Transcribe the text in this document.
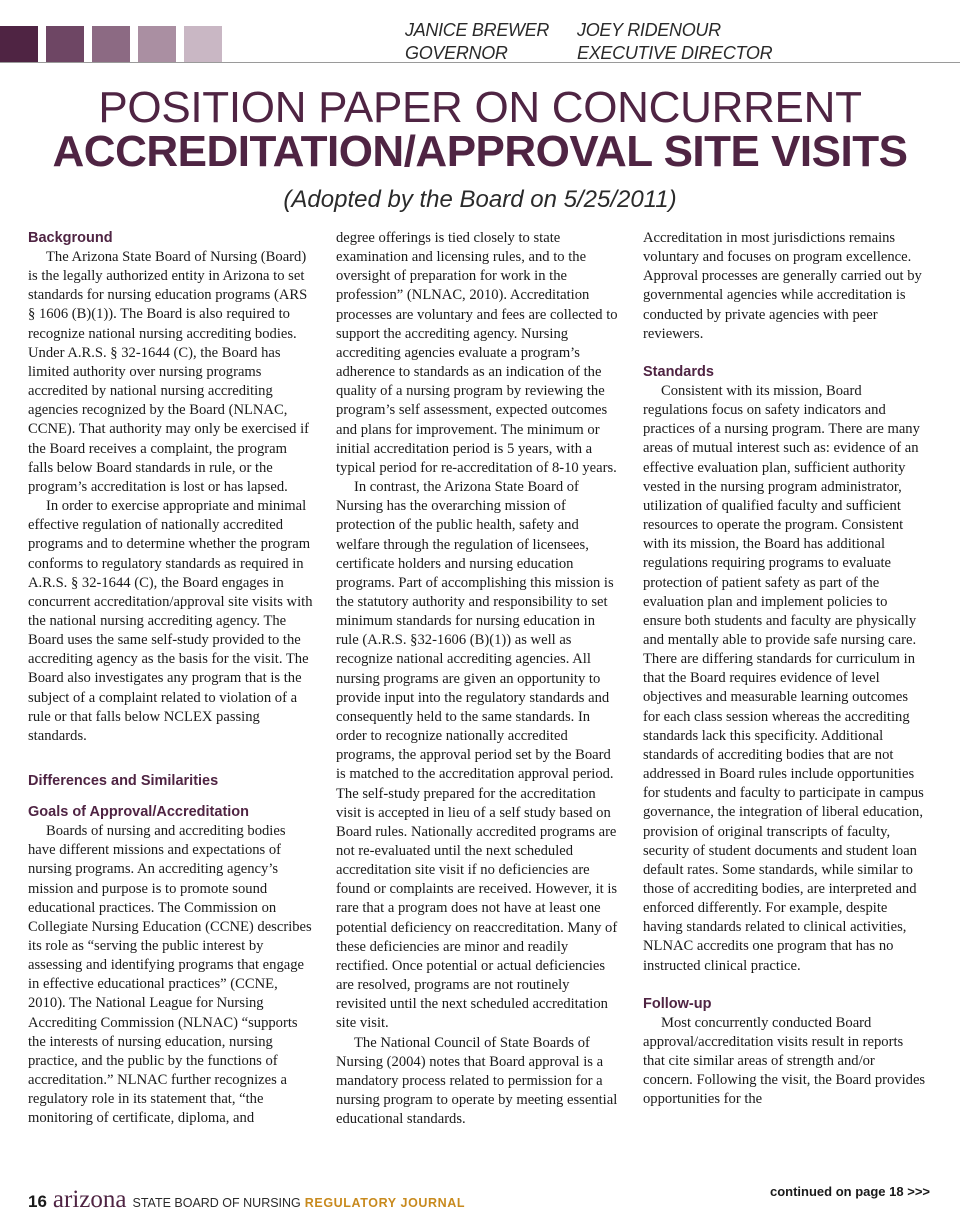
JANICE BREWER
GOVERNOR
JOEY RIDENOUR
EXECUTIVE DIRECTOR
POSITION PAPER ON CONCURRENT
ACCREDITATION/APPROVAL SITE VISITS
(Adopted by the Board on 5/25/2011)
Background

The Arizona State Board of Nursing (Board) is the legally authorized entity in Arizona to set standards for nursing education programs (ARS § 1606 (B)(1)). The Board is also required to recognize national nursing accrediting bodies. Under A.R.S. § 32-1644 (C), the Board has limited authority over nursing programs accredited by national nursing accrediting agencies recognized by the Board (NLNAC, CCNE). That authority may only be exercised if the Board receives a complaint, the program falls below Board standards in rule, or the program’s accreditation is lost or has lapsed.

In order to exercise appropriate and minimal effective regulation of nationally accredited programs and to determine whether the program conforms to regulatory standards as required in A.R.S. § 32-1644 (C), the Board engages in concurrent accreditation/approval site visits with the national nursing accrediting agency. The Board uses the same self-study provided to the accrediting agency as the basis for the visit. The Board also investigates any program that is the subject of a complaint related to violation of a rule or that falls below NCLEX passing standards.

Differences and Similarities
Goals of Approval/Accreditation

Boards of nursing and accrediting bodies have different missions and expectations of nursing programs. An accrediting agency’s mission and purpose is to promote sound educational practices. The Commission on Collegiate Nursing Education (CCNE) describes its role as “serving the public interest by assessing and identifying programs that engage in effective educational practices” (CCNE, 2010). The National League for Nursing Accrediting Commission (NLNAC) “supports the interests of nursing education, nursing practice, and the public by the functions of accreditation.” NLNAC further recognizes a regulatory role in its statement that, “the monitoring of certificate, diploma, and

degree offerings is tied closely to state examination and licensing rules, and to the oversight of preparation for work in the profession” (NLNAC, 2010). Accreditation processes are voluntary and fees are collected to support the accrediting agency. Nursing accrediting agencies evaluate a program’s adherence to standards as an indication of the quality of a nursing program by reviewing the program’s self assessment, expected outcomes and plans for improvement. The minimum or initial accreditation period is 5 years, with a typical period for re-accreditation of 8-10 years.

In contrast, the Arizona State Board of Nursing has the overarching mission of protection of the public health, safety and welfare through the regulation of licensees, certificate holders and nursing education programs. Part of accomplishing this mission is the statutory authority and responsibility to set minimum standards for nursing education in rule (A.R.S. §32-1606 (B)(1)) as well as recognize national accrediting agencies. All nursing programs are given an opportunity to provide input into the regulatory standards and consequently held to the same standards. In order to recognize nationally accredited programs, the approval period set by the Board is matched to the accreditation approval period. The self-study prepared for the accreditation visit is accepted in lieu of a self study based on Board rules. Nationally accredited programs are not re-evaluated until the next scheduled accreditation site visit if no deficiencies are found or complaints are received. However, it is rare that a program does not have at least one potential deficiency on reaccreditation. Many of these deficiencies are minor and readily rectified. Once potential or actual deficiencies are resolved, programs are not routinely revisited until the next scheduled accreditation site visit.

The National Council of State Boards of Nursing (2004) notes that Board approval is a mandatory process related to permission for a nursing program to operate by meeting essential educational standards.

Accreditation in most jurisdictions remains voluntary and focuses on program excellence. Approval processes are generally carried out by governmental agencies while accreditation is conducted by private agencies with peer reviewers.

Standards

Consistent with its mission, Board regulations focus on safety indicators and practices of a nursing program. There are many areas of mutual interest such as: evidence of an effective evaluation plan, sufficient authority vested in the nursing program administrator, utilization of qualified faculty and sufficient resources to operate the program. Consistent with its mission, the Board has additional regulations requiring programs to evaluate protection of patient safety as part of the evaluation plan and implement policies to ensure both students and faculty are physically and mentally able to provide safe nursing care. There are differing standards for curriculum in that the Board requires evidence of level objectives and measurable learning outcomes for each class session whereas the accrediting standards lack this specificity. Additional standards of accrediting bodies that are not addressed in Board rules include opportunities for students and faculty to participate in campus governance, the integration of liberal education, provision of original transcripts of faculty, security of student documents and student loan default rates. Some standards, while similar to those of accrediting bodies, are interpreted and enforced differently. For example, despite having standards related to clinical activities, NLNAC accredits one program that has no instructed clinical practice.

Follow-up

Most concurrently conducted Board approval/accreditation visits result in reports that cite similar areas of strength and/or concern. Following the visit, the Board provides opportunities for the

16 arizona STATE BOARD OF NURSING REGULATORY JOURNAL
continued on page 18 >>>
